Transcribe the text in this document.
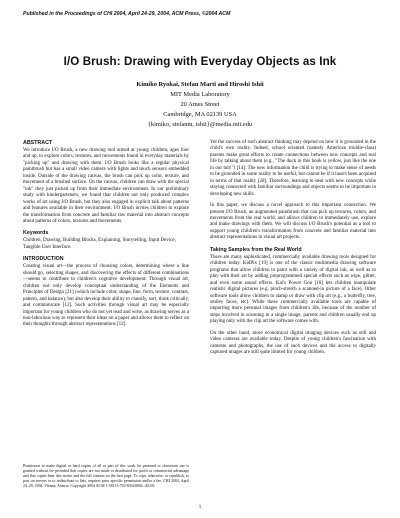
Published in the Proceedings of CHI 2004, April 24-29, 2004, ACM Press, ©2004 ACM
I/O Brush: Drawing with Everyday Objects as Ink
Kimiko Ryokai, Stefan Marti and Hiroshi Ishii
MIT Media Laboratory
20 Ames Street
Cambridge, MA 02139 USA
{kimiko, stefanm, ishii}@media.mit.edu
ABSTRACT

We introduce I/O Brush, a new drawing tool aimed at young children, ages four and up, to explore colors, textures, and movements found in everyday materials by "picking up" and drawing with them. I/O Brush looks like a regular physical paintbrush but has a small video camera with lights and touch sensors embedded inside. Outside of the drawing canvas, the brush can pick up color, texture, and movement of a brushed surface. On the canvas, children can draw with the special "ink" they just picked up from their immediate environment. In our preliminary study with kindergarteners, we found that children not only produced complex works of art using I/O Brush, but they also engaged in explicit talk about patterns and features available in their environment. I/O Brush invites children to explore the transformation from concrete and familiar raw material into abstract concepts about patterns of colors, textures and movements.

Keywords

Children, Drawing, Building Blocks, Explaining, Storytelling, Input Device, Tangible User Interface.

INTRODUCTION

Creating visual art—the process of choosing colors, determining where a line should go, selecting shapes, and discovering the effects of different combinations—seems to contribute to children's cognitive development. Through visual art, children not only develop conceptual understanding of the Elements and Principles of Design [21] (which include color, shape, line, form, texture, contrast, pattern, and balance), but also develop their ability to classify, sort, think critically, and communicate [12]. Such activities through visual art may be especially important for young children who do not yet read and write, as drawing serves as a non-laborious way to represent their ideas on a paper and allows them to reflect on their thoughts through abstract representations [12].

Permission to make digital or hard copies of all or part of this work for personal or classroom use is granted without fee provided that copies are not made or distributed for profit or commercial advantage and that copies bear this notice and the full citation on the first page. To copy otherwise, or republish, to post on servers or to redistribute to lists, requires prior specific permission and/or a fee. CHI 2004, April 24–29, 2004, Vienna, Austria. Copyright 2004 ACM 1-58113-702-8/04/0004...$5.00.

Yet the success of such abstract thinking may depend on how it is grounded in the child's own reality. Indeed, school oriented (namely American middle-class) parents make great efforts to create connections between new concepts and real life by talking about them (e.g., "The duck in this book is yellow, just like the one in our tub!") [14]. The new information the child is trying to make sense of needs to be grounded in some reality to be useful, but cannot be if it hasn't been acquired in terms of that reality [28]. Therefore, learning to deal with new concepts while staying connected with familiar surroundings and objects seems to be important in developing new skills.

In this paper, we discuss a novel approach to this important connection. We present I/O Brush, an augmented paintbrush that can pick up textures, colors, and movements from the real world, and allows children to immediately use, explore and make drawings with them. We will discuss I/O Brush's potential as a tool to support young children's transformation from concrete and familiar material into abstract representations in visual art projects.

Taking Samples from the Real World

There are many sophisticated, commercially available drawing tools designed for children today. KidPix [19] is one of the classic multimedia drawing software programs that allow children to paint with a variety of digital ink, as well as to play with their art by adding preprogrammed special effects such as wipe, glitter, and even some sound effects. Kai's Power Goo [18] lets children manipulate realistic digital pictures (e.g. pinch-stretch a scanned-in picture of a face). Other software tools allow children to stamp or draw with clip art (e.g., a butterfly, tree, smiley faces, etc). While these commercially available tools are capable of importing more personal images from children's life, because of the number of steps involved in scanning in a single image, parents and children usually end up playing only with the clip art the software comes with.

On the other hand, more economical digital imaging devices such as still and video cameras are available today. Despite of young children's fascination with cameras and photographs, the use of such devices and the access to digitally captured images are still quite limited for young children.

1
